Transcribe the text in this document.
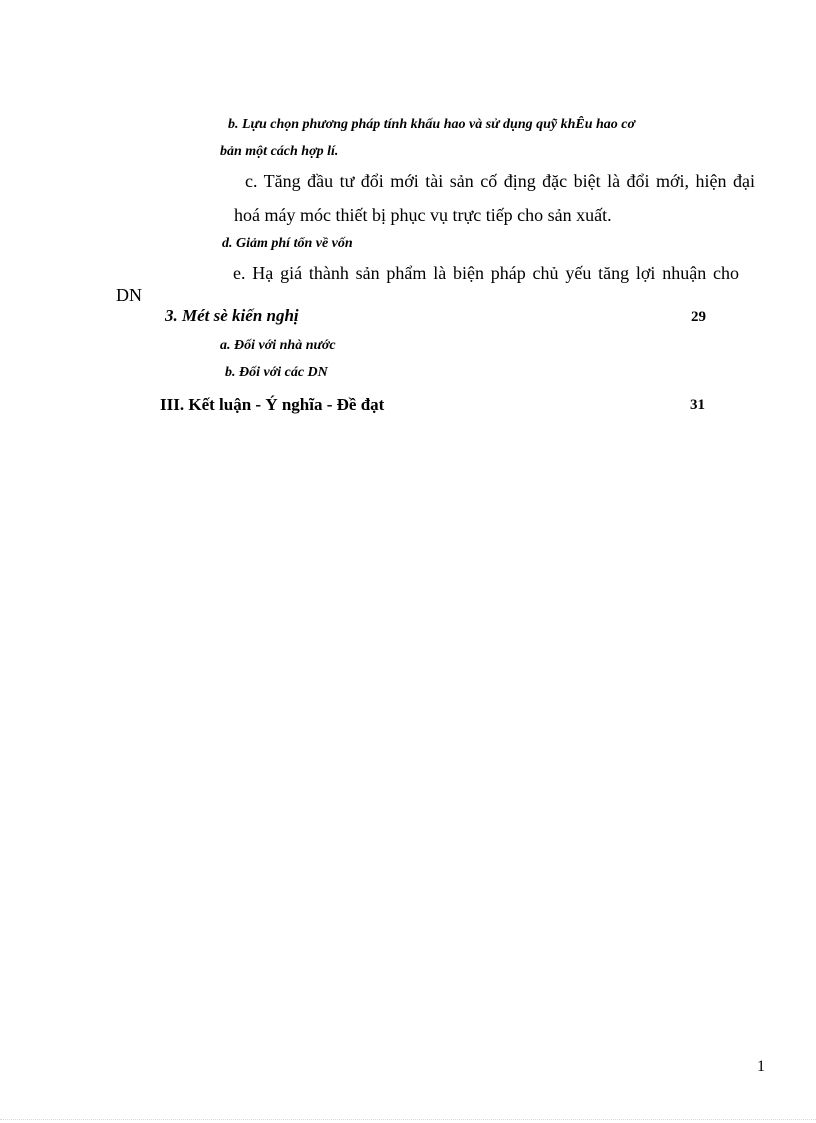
b. Lựu chọn phương pháp tính khấu hao và sử dụng quỹ khÊu hao cơ
bản một cách hợp lí.
c. Tăng đầu tư đổi mới tài sản cố địng đặc biệt là đổi mới, hiện đại
hoá máy móc thiết bị phục vụ trực tiếp cho sản xuất.
d. Giảm phí tổn về vốn
e. Hạ giá thành sản phẩm là biện pháp chủ yếu tăng lợi nhuận cho
DN
3. Mét sè kiến nghị	29
a. Đối với nhà nước
b. Đối với các DN
III. Kết luận - Ý nghĩa - Đề đạt	31
1
